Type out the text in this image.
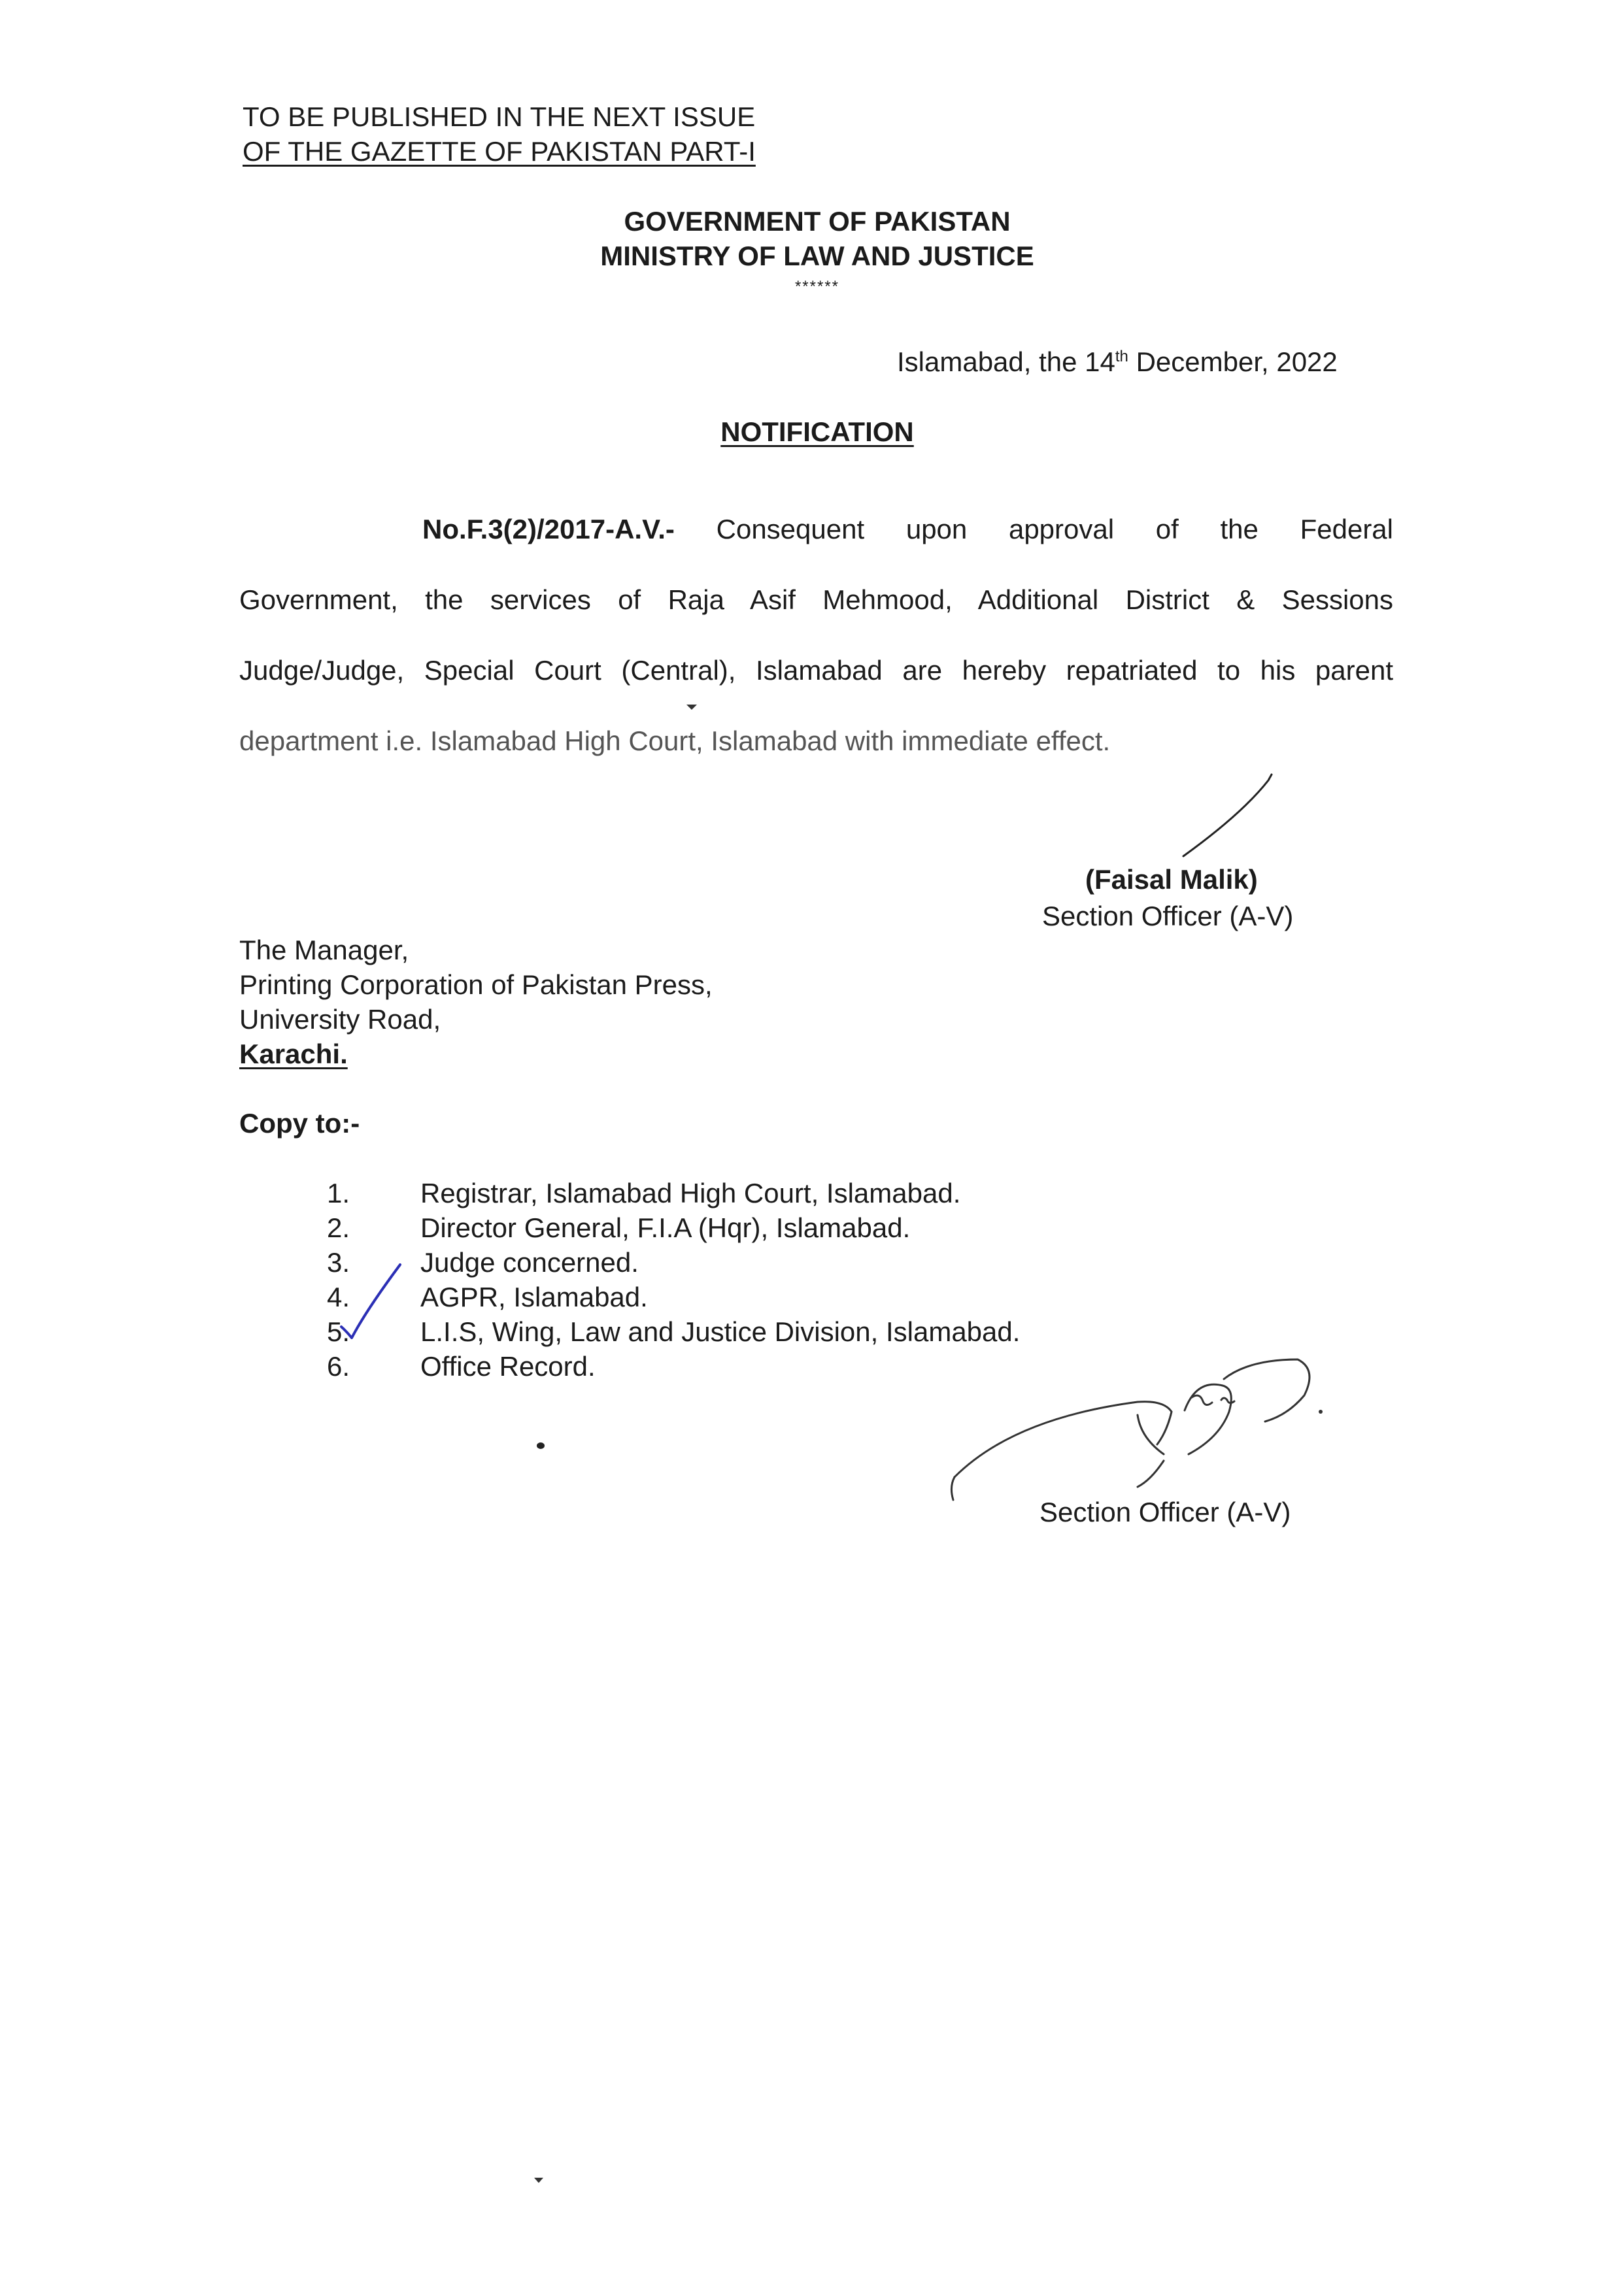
TO BE PUBLISHED IN THE NEXT ISSUE

OF THE GAZETTE OF PAKISTAN PART-I

GOVERNMENT OF PAKISTAN

MINISTRY OF LAW AND JUSTICE

******

Islamabad, the 14th December, 2022

NOTIFICATION

No.F.3(2)/2017-A.V.- Consequent upon approval of the Federal
Government, the services of Raja Asif Mehmood, Additional District & Sessions
Judge/Judge, Special Court (Central), Islamabad are hereby repatriated to his parent
department i.e. Islamabad High Court, Islamabad with immediate effect.

(Faisal Malik)

Section Officer (A-V)

The Manager,

Printing Corporation of Pakistan Press,

University Road,

Karachi.

Copy to:-

1.	Registrar, Islamabad High Court, Islamabad.
2.	Director General, F.I.A (Hqr), Islamabad.
3.	Judge concerned.
4.	AGPR, Islamabad.
5.	L.I.S, Wing, Law and Justice Division, Islamabad.
6.	Office Record.

Section Officer (A-V)
